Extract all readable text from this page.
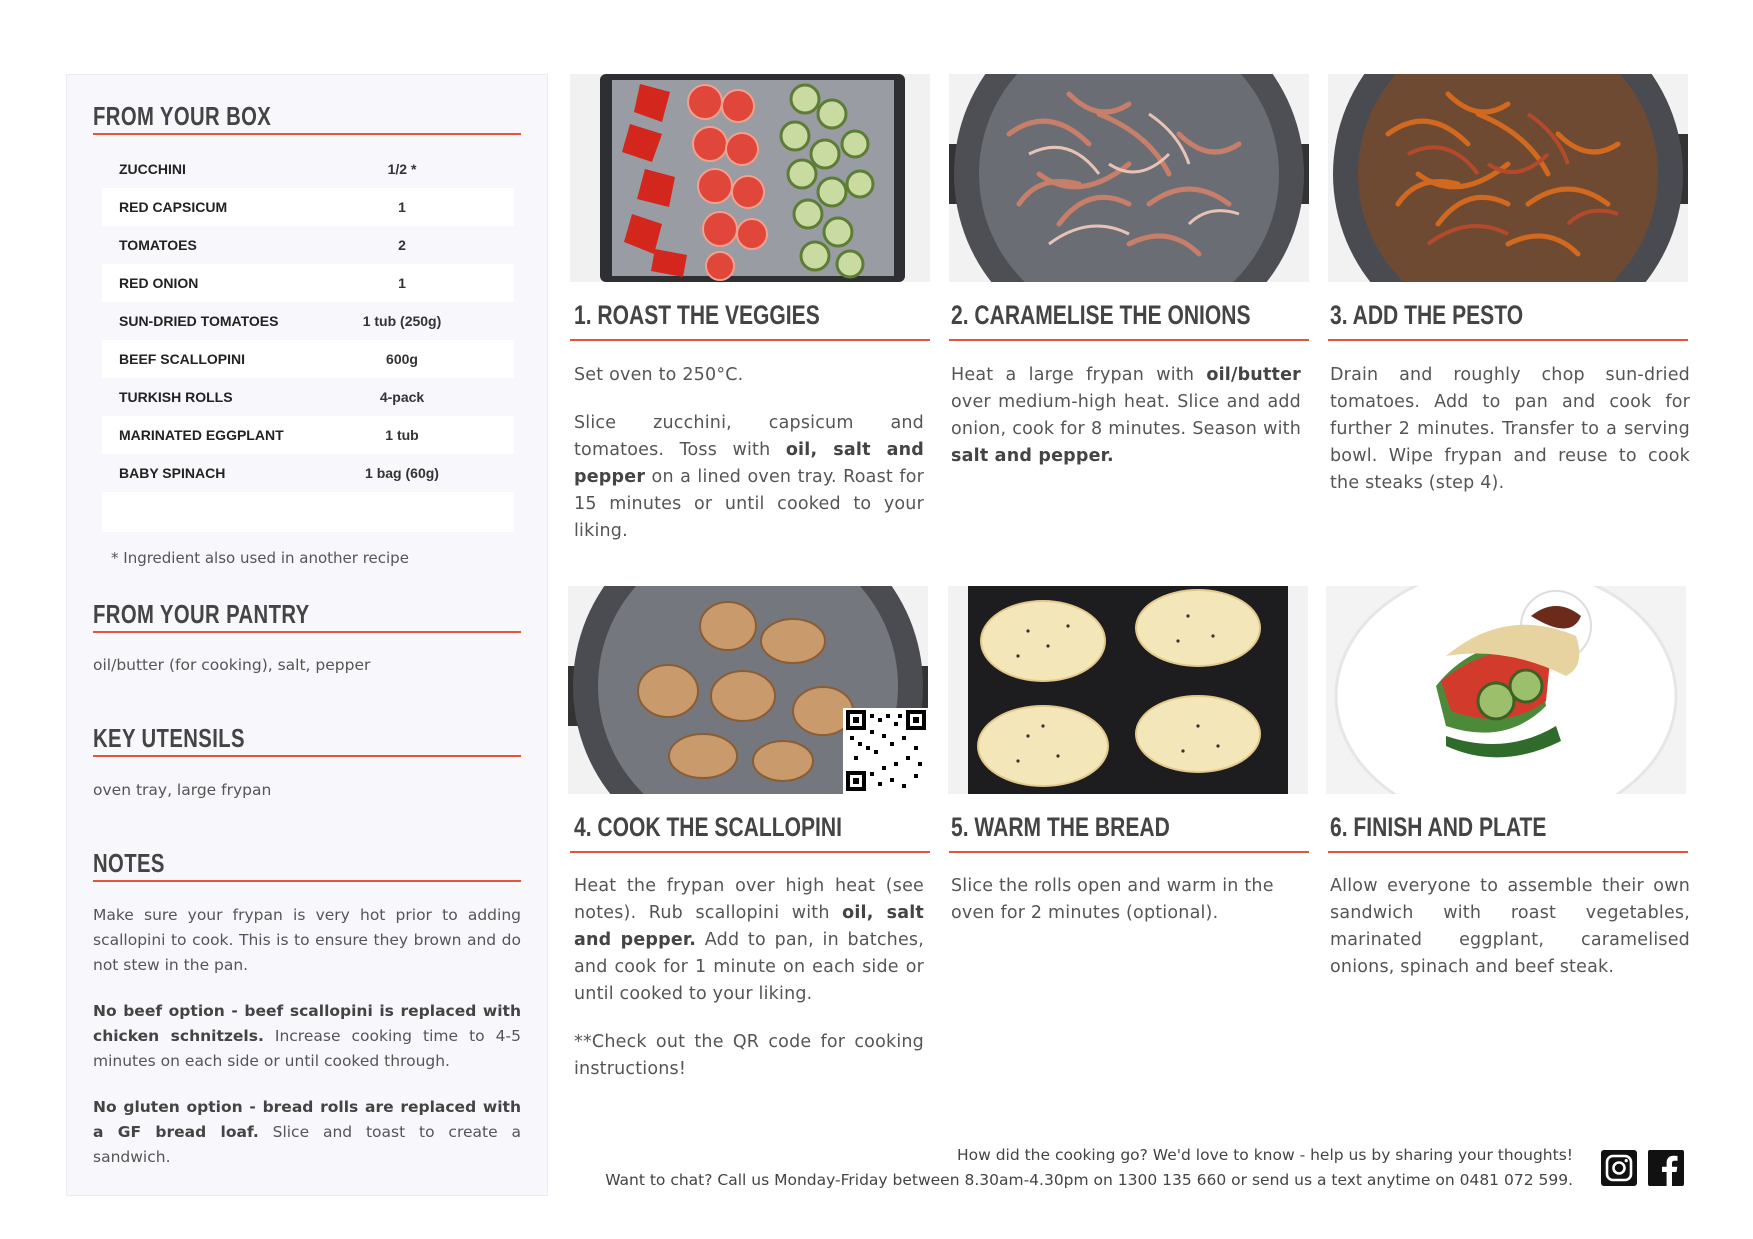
FROM YOUR BOX
ZUCCHINI	1/2 *
RED CAPSICUM	1
TOMATOES	2
RED ONION	1
SUN-DRIED TOMATOES	1 tub (250g)
BEEF SCALLOPINI	600g
TURKISH ROLLS	4-pack
MARINATED EGGPLANT	1 tub
BABY SPINACH	1 bag (60g)
* Ingredient also used in another recipe
FROM YOUR PANTRY
oil/butter (for cooking), salt, pepper
KEY UTENSILS
oven tray, large frypan
NOTES

Make sure your frypan is very hot prior to adding scallopini to cook. This is to ensure they brown and do not stew in the pan.

No beef option - beef scallopini is replaced with chicken schnitzels. Increase cooking time to 4-5 minutes on each side or until cooked through.

No gluten option - bread rolls are replaced with a GF bread loaf. Slice and toast to create a sandwich.

1. ROAST THE VEGGIES

Set oven to 250°C.

Slice zucchini, capsicum and tomatoes. Toss with oil, salt and pepper on a lined oven tray. Roast for 15 minutes or until cooked to your liking.

2. CARAMELISE THE ONIONS

Heat a large frypan with oil/butter over medium-high heat. Slice and add onion, cook for 8 minutes. Season with salt and pepper.

3. ADD THE PESTO

Drain and roughly chop sun-dried tomatoes. Add to pan and cook for further 2 minutes. Transfer to a serving bowl. Wipe frypan and reuse to cook the steaks (step 4).

4. COOK THE SCALLOPINI

Heat the frypan over high heat (see notes). Rub scallopini with oil, salt and pepper. Add to pan, in batches, and cook for 1 minute on each side or until cooked to your liking.

**Check out the QR code for cooking instructions!

5. WARM THE BREAD

Slice the rolls open and warm in the oven for 2 minutes (optional).

6. FINISH AND PLATE

Allow everyone to assemble their own sandwich with roast vegetables, marinated eggplant, caramelised onions, spinach and beef steak.

How did the cooking go? We'd love to know - help us by sharing your thoughts!
Want to chat? Call us Monday-Friday between 8.30am-4.30pm on 1300 135 660 or send us a text anytime on 0481 072 599.
